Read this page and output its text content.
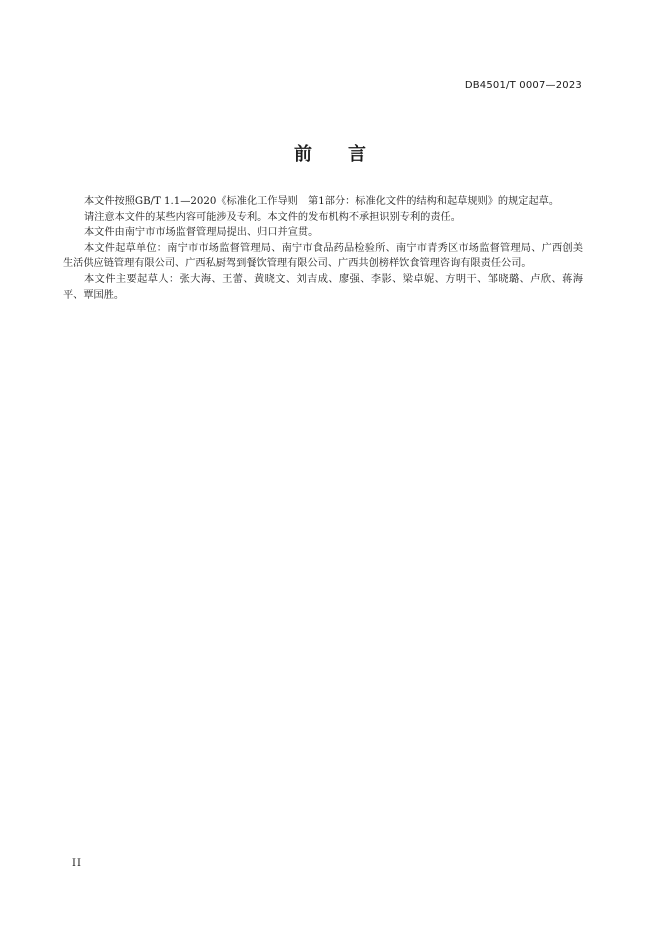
DB4501/T 0007—2023
前 言

本文件按照GB/T 1.1—2020《标准化工作导则　第1部分：标准化文件的结构和起草规则》的规定起草。

请注意本文件的某些内容可能涉及专利。本文件的发布机构不承担识别专利的责任。

本文件由南宁市市场监督管理局提出、归口并宣贯。

本文件起草单位：南宁市市场监督管理局、南宁市食品药品检验所、南宁市青秀区市场监督管理局、广西创美生活供应链管理有限公司、广西私厨驾到餐饮管理有限公司、广西共创榜样饮食管理咨询有限责任公司。

本文件主要起草人：张大海、王蕾、黄晓文、刘吉成、廖强、李影、梁卓妮、方明干、邹晓璐、卢欣、蒋海平、覃国胜。

II
